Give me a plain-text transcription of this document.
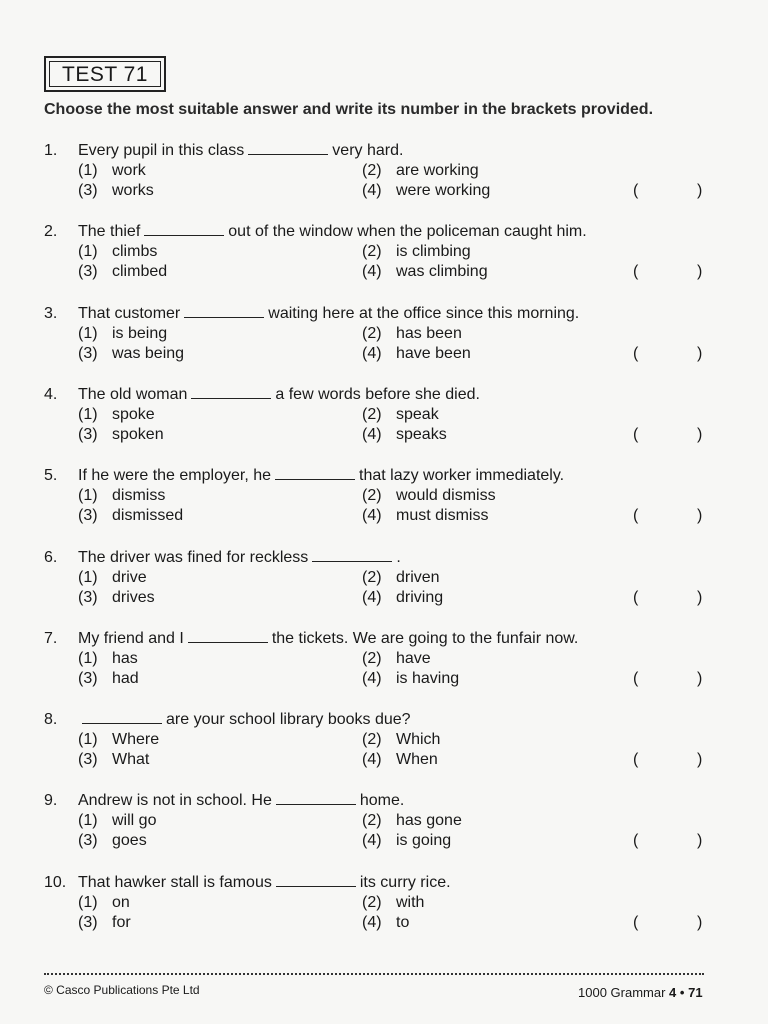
TEST 71
Choose the most suitable answer and write its number in the brackets provided.
1. Every pupil in this class	very hard.
(1) work	(2) are working
(3) works	(4) were working	(	)
2. The thief	out of the window when the policeman caught him.
(1) climbs	(2) is climbing
(3) climbed	(4) was climbing	(	)
3. That customer	waiting here at the office since this morning.
(1) is being	(2) has been
(3) was being	(4) have been	(	)
4. The old woman	a few words before she died.
(1) spoke	(2) speak
(3) spoken	(4) speaks	(	)
5. If he were the employer, he	that lazy worker immediately.
(1) dismiss	(2) would dismiss
(3) dismissed	(4) must dismiss	(	)
6. The driver was fined for reckless	.
(1) drive	(2) driven
(3) drives	(4) driving	(	)
7. My friend and I	the tickets. We are going to the funfair now.
(1) has	(2) have
(3) had	(4) is having	(	)
8.	are your school library books due?
(1) Where	(2) Which
(3) What	(4) When	(	)
9. Andrew is not in school. He	home.
(1) will go	(2) has gone
(3) goes	(4) is going	(	)
10. That hawker stall is famous	its curry rice.
(1) on	(2) with
(3) for	(4) to	(	)
© Casco Publications Pte Ltd	1000 Grammar 4 • 71
